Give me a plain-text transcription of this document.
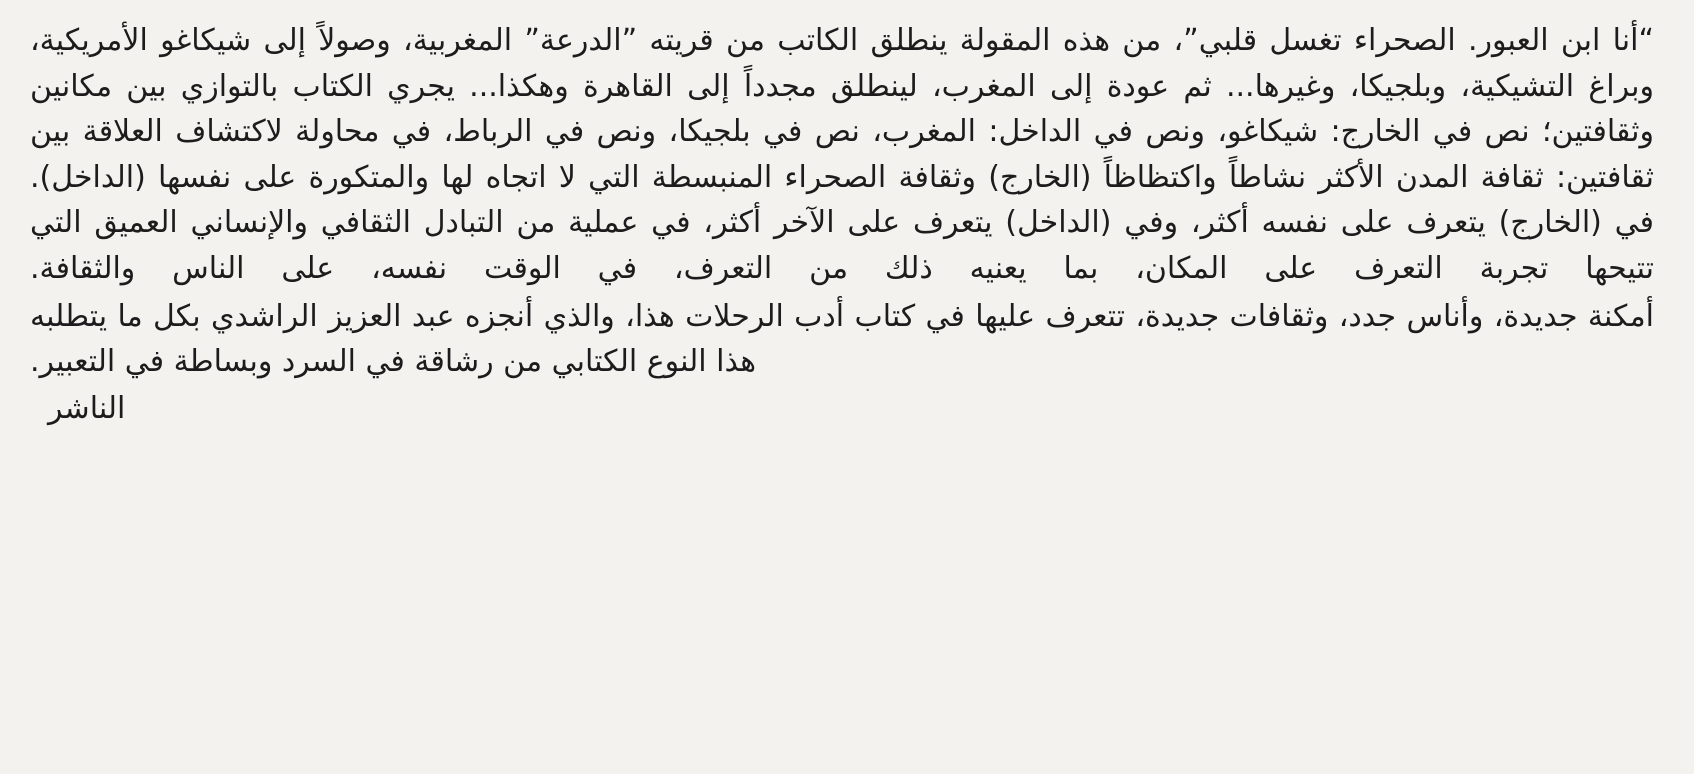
“أنا ابن العبور. الصحراء تغسل قلبي”، من هذه المقولة ينطلق الكاتب من قريته ”الدرعة” المغربية، وصولاً إلى شيكاغو الأمريكية، وبراغ التشيكية، وبلجيكا، وغيرها... ثم عودة إلى المغرب، لينطلق مجدداً إلى القاهرة وهكذا... يجري الكتاب بالتوازي بين مكانين وثقافتين؛ نص في الخارج: شيكاغو، ونص في الداخل: المغرب، نص في بلجيكا، ونص في الرباط، في محاولة لاكتشاف العلاقة بين ثقافتين: ثقافة المدن الأكثر نشاطاً واكتظاظاً (الخارج) وثقافة الصحراء المنبسطة التي لا اتجاه لها والمتكورة على نفسها (الداخل). في (الخارج) يتعرف على نفسه أكثر، وفي (الداخل) يتعرف على الآخر أكثر، في عملية من التبادل الثقافي والإنساني العميق التي تتيحها تجربة التعرف على المكان، بما يعنيه ذلك من التعرف، في الوقت نفسه، على الناس والثقافة.

أمكنة جديدة، وأناس جدد، وثقافات جديدة، تتعرف عليها في كتاب أدب الرحلات هذا، والذي أنجزه عبد العزيز الراشدي بكل ما يتطلبه هذا النوع الكتابي من رشاقة في السرد وبساطة في التعبير.

الناشر
